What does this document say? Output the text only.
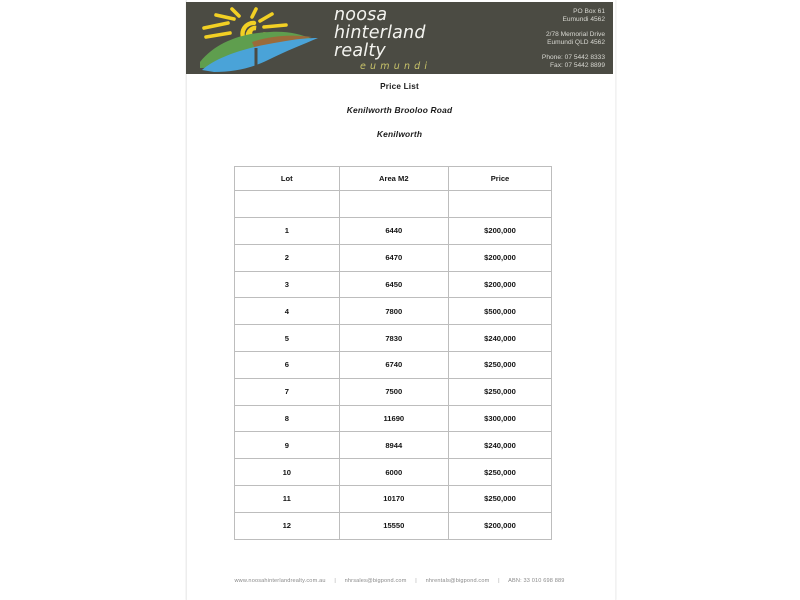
noosa
hinterland
realty
eumundi
PO Box 61
Eumundi 4562
2/78 Memorial Drive
Eumundi QLD 4562
Phone: 07 5442 8333
Fax: 07 5442 8899
Price List
Kenilworth Brooloo Road
Kenilworth
Lot	Area M2	Price

1	6440	$200,000
2	6470	$200,000
3	6450	$200,000
4	7800	$500,000
5	7830	$240,000
6	6740	$250,000
7	7500	$250,000
8	11690	$300,000
9	8944	$240,000
10	6000	$250,000
11	10170	$250,000
12	15550	$200,000
www.noosahinterlandrealty.com.au | nhrsales@bigpond.com | nhrentals@bigpond.com | ABN: 33 010 698 889
